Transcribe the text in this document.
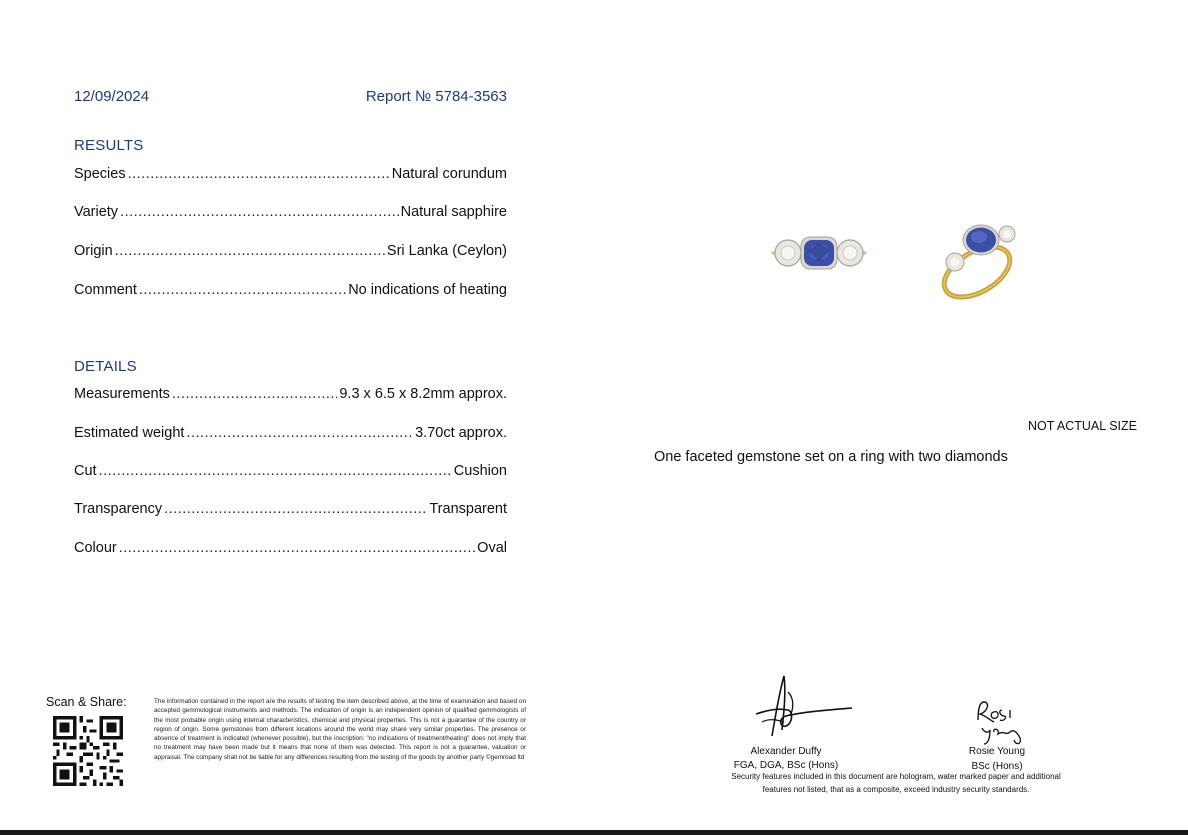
12/09/2024	Report № 5784-3563
RESULTS
Species .....	Natural corundum
Variety .....	Natural sapphire
Origin .....	Sri Lanka (Ceylon)
Comment .....	No indications of heating
DETAILS
Measurements .....	9.3 x 6.5 x 8.2mm approx.
Estimated weight .....	3.70ct approx.
Cut .....	Cushion
Transparency .....	Transparent
Colour .....	Oval
NOT ACTUAL SIZE
One faceted gemstone set on a ring with two diamonds
Scan & Share:	The information contained in the report are the results of testing the item described above, at the time of examination and based on accepted gemmological instruments and methods. The indication of origin is an independent opinion of qualified gemmologists of the most probable origin using internal characteristics, chemical and physical properties. This is not a guarantee of the country or region of origin. Some gemstones from different locations around the world may share very similar properties. The presence or absence of treatment is indicated (whenever possible), but the inscription: "no indications of treatment/heating" does not imply that no treatment may have been made but it means that none of them was detected. This report is not a guarantee, valuation or appraisal. The company shall not be liable for any differences resulting from the testing of the goods by another party ©gemroad ltd
Alexander Duffy
FGA, DGA, BSc (Hons)
Rosie Young
BSc (Hons)
Security features included in this document are hologram, water marked paper and additional
features not listed, that as a composite, exceed industry security standards.
